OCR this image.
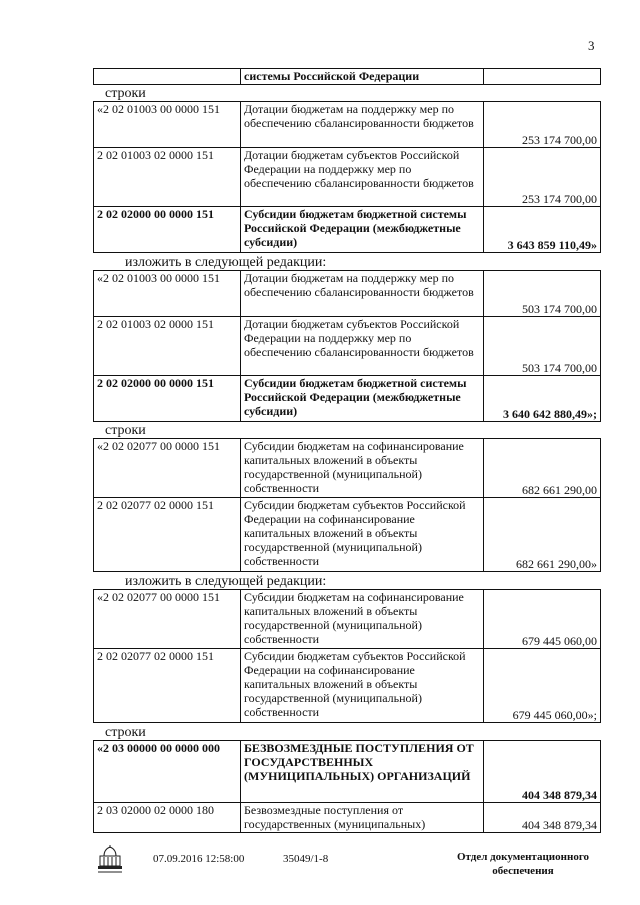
3
	системы Российской Федерации	
строки
«2 02 01003 00 0000 151	Дотации бюджетам на поддержку мер по обеспечению сбалансированности бюджетов	253 174 700,00
2 02 01003 02 0000 151	Дотации бюджетам субъектов Российской Федерации на поддержку мер по обеспечению сбалансированности бюджетов	253 174 700,00
2 02 02000 00 0000 151	Субсидии бюджетам бюджетной системы Российской Федерации (межбюджетные субсидии)	3 643 859 110,49»
изложить в следующей редакции:
«2 02 01003 00 0000 151	Дотации бюджетам на поддержку мер по обеспечению сбалансированности бюджетов	503 174 700,00
2 02 01003 02 0000 151	Дотации бюджетам субъектов Российской Федерации на поддержку мер по обеспечению сбалансированности бюджетов	503 174 700,00
2 02 02000 00 0000 151	Субсидии бюджетам бюджетной системы Российской Федерации (межбюджетные субсидии)	3 640 642 880,49»;
строки
«2 02 02077 00 0000 151	Субсидии бюджетам на софинансирование капитальных вложений в объекты государственной (муниципальной) собственности	682 661 290,00
2 02 02077 02 0000 151	Субсидии бюджетам субъектов Российской Федерации на софинансирование капитальных вложений в объекты государственной (муниципальной) собственности	682 661 290,00»
изложить в следующей редакции:
«2 02 02077 00 0000 151	Субсидии бюджетам на софинансирование капитальных вложений в объекты государственной (муниципальной) собственности	679 445 060,00
2 02 02077 02 0000 151	Субсидии бюджетам субъектов Российской Федерации на софинансирование капитальных вложений в объекты государственной (муниципальной) собственности	679 445 060,00»;
строки
«2 03 00000 00 0000 000	БЕЗВОЗМЕЗДНЫЕ ПОСТУПЛЕНИЯ ОТ ГОСУДАРСТВЕННЫХ (МУНИЦИПАЛЬНЫХ) ОРГАНИЗАЦИЙ	404 348 879,34
2 03 02000 02 0000 180	Безвозмездные поступления от государственных (муниципальных)	404 348 879,34
07.09.2016 12:58:00	35049/1-8	Отдел документационного обеспечения
